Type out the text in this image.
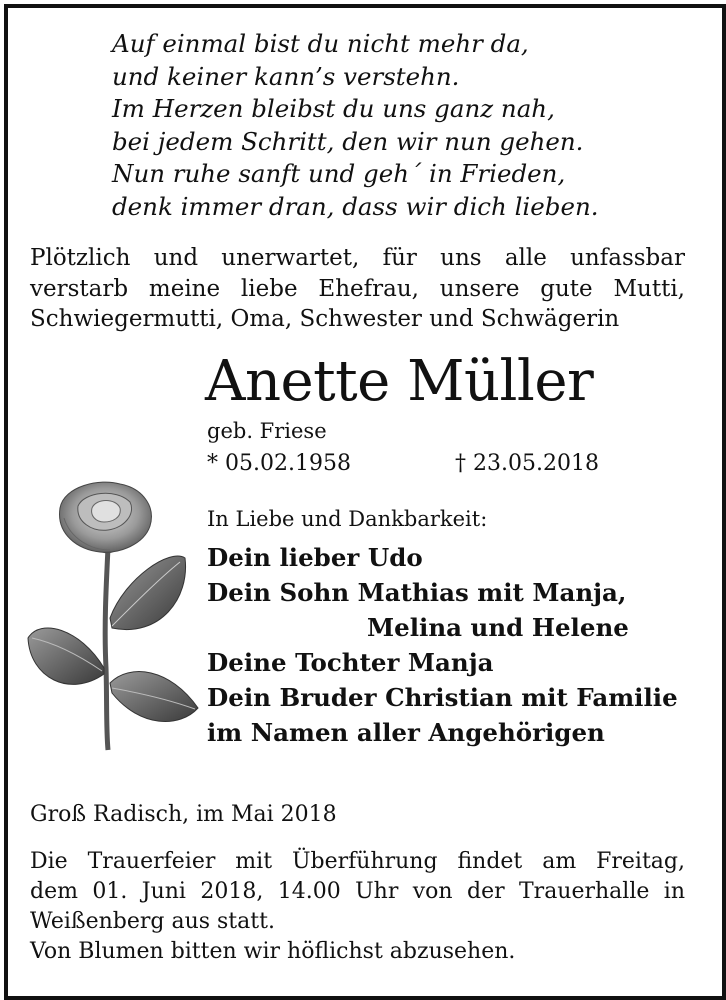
Auf einmal bist du nicht mehr da,
und keiner kann’s verstehn.
Im Herzen bleibst du uns ganz nah,
bei jedem Schritt, den wir nun gehen.
Nun ruhe sanft und geh´ in Frieden,
denk immer dran, dass wir dich lieben.
Plötzlich und unerwartet, für uns alle unfassbar
verstarb meine liebe Ehefrau, unsere gute Mutti,
Schwiegermutti, Oma, Schwester und Schwägerin
Anette Müller
geb. Friese
* 05.02.1958	† 23.05.2018
In Liebe und Dankbarkeit:
Dein lieber Udo
Dein Sohn Mathias mit Manja,
Melina und Helene
Deine Tochter Manja
Dein Bruder Christian mit Familie
im Namen aller Angehörigen
Groß Radisch, im Mai 2018
Die Trauerfeier mit Überführung findet am Freitag,
dem 01. Juni 2018, 14.00 Uhr von der Trauerhalle in
Weißenberg aus statt.
Von Blumen bitten wir höflichst abzusehen.
